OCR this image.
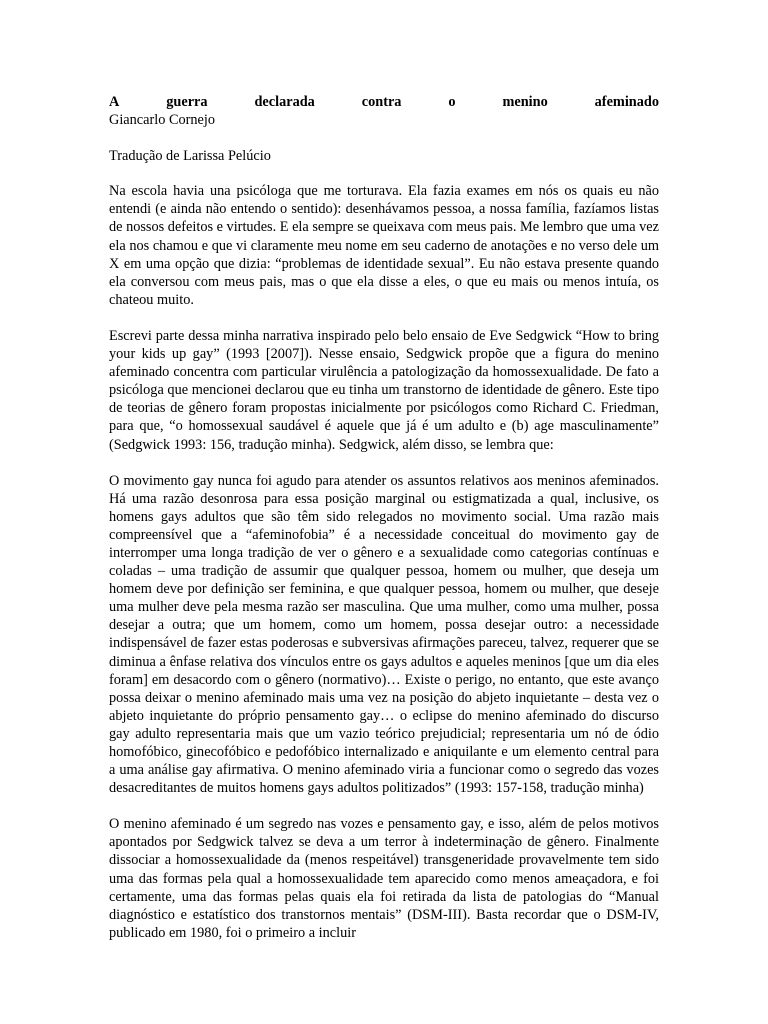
A	guerra	declarada	contra	o	menino	afeminado

Giancarlo Cornejo

Tradução de Larissa Pelúcio

Na escola havia una psicóloga que me torturava. Ela fazia exames em nós os quais eu não entendi (e ainda não entendo o sentido): desenhávamos pessoa, a nossa família, fazíamos listas de nossos defeitos e virtudes. E ela sempre se queixava com meus pais. Me lembro que uma vez ela nos chamou e que vi claramente meu nome em seu caderno de anotações e no verso dele um X em uma opção que dizia: “problemas de identidade sexual”. Eu não estava presente quando ela conversou com meus pais, mas o que ela disse a eles, o que eu mais ou menos intuía, os chateou muito.

Escrevi parte dessa minha narrativa inspirado pelo belo ensaio de Eve Sedgwick “How to bring your kids up gay” (1993 [2007]). Nesse ensaio, Sedgwick propõe que a figura do menino afeminado concentra com particular virulência a patologização da homossexualidade. De fato a psicóloga que mencionei declarou que eu tinha um transtorno de identidade de gênero. Este tipo de teorias de gênero foram propostas inicialmente por psicólogos como Richard C. Friedman, para que, “o homossexual saudável é aquele que já é um adulto e (b) age masculinamente” (Sedgwick 1993: 156, tradução minha). Sedgwick, além disso, se lembra que:

O movimento gay nunca foi agudo para atender os assuntos relativos aos meninos afeminados. Há uma razão desonrosa para essa posição marginal ou estigmatizada a qual, inclusive, os homens gays adultos que são têm sido relegados no movimento social. Uma razão mais compreensível que a “afeminofobia” é a necessidade conceitual do movimento gay de interromper uma longa tradição de ver o gênero e a sexualidade como categorias contínuas e coladas – uma tradição de assumir que qualquer pessoa, homem ou mulher, que deseja um homem deve por definição ser feminina, e que qualquer pessoa, homem ou mulher, que deseje uma mulher deve pela mesma razão ser masculina. Que uma mulher, como uma mulher, possa desejar a outra; que um homem, como um homem, possa desejar outro: a necessidade indispensável de fazer estas poderosas e subversivas afirmações pareceu, talvez, requerer que se diminua a ênfase relativa dos vínculos entre os gays adultos e aqueles meninos [que um dia eles foram] em desacordo com o gênero (normativo)… Existe o perigo, no entanto, que este avanço possa deixar o menino afeminado mais uma vez na posição do abjeto inquietante – desta vez o abjeto inquietante do próprio pensamento gay… o eclipse do menino afeminado do discurso gay adulto representaria mais que um vazio teórico prejudicial; representaria um nó de ódio homofóbico, ginecofóbico e pedofóbico internalizado e aniquilante e um elemento central para a uma análise gay afirmativa. O menino afeminado viria a funcionar como o segredo das vozes desacreditantes de muitos homens gays adultos politizados” (1993: 157-158, tradução minha)

O menino afeminado é um segredo nas vozes e pensamento gay, e isso, além de pelos motivos apontados por Sedgwick talvez se deva a um terror à indeterminação de gênero. Finalmente dissociar a homossexualidade da (menos respeitável) transgeneridade provavelmente tem sido uma das formas pela qual a homossexualidade tem aparecido como menos ameaçadora, e foi certamente, uma das formas pelas quais ela foi retirada da lista de patologias do “Manual diagnóstico e estatístico dos transtornos mentais” (DSM-III). Basta recordar que o DSM-IV, publicado em 1980, foi o primeiro a incluir
